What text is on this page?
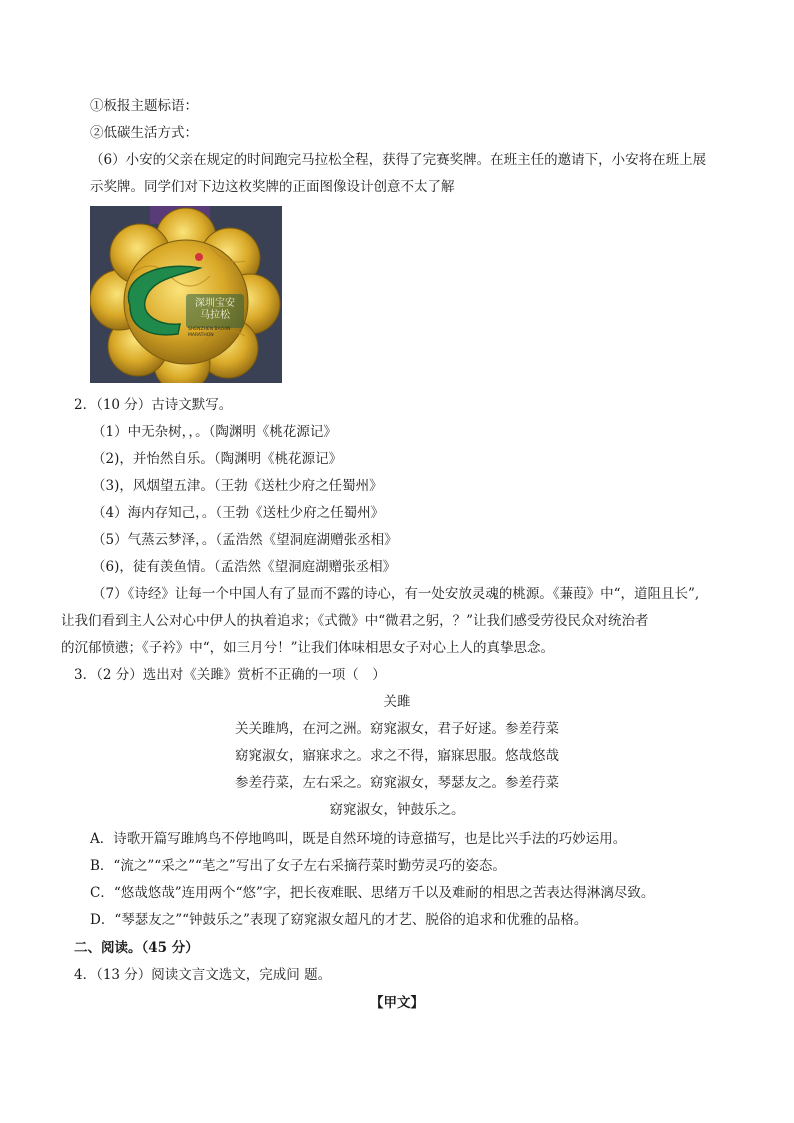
①板报主题标语：
②低碳生活方式：
（6）小安的父亲在规定的时间跑完马拉松全程，获得了完赛奖牌。在班主任的邀请下，小安将在班上展
示奖牌。同学们对下边这枚奖牌的正面图像设计创意不太了解
深圳宝安
马拉松
SHENZHEN BAOAN
MARATHON
2．（10 分）古诗文默写。
（1）中无杂树，，。（陶渊明《桃花源记》
（2)，并怡然自乐。（陶渊明《桃花源记》
（3)，风烟望五津。（王勃《送杜少府之任蜀州》
（4）海内存知己，。（王勃《送杜少府之任蜀州》
（5）气蒸云梦泽，。（孟浩然《望洞庭湖赠张丞相》
（6)，徒有羡鱼情。（孟浩然《望洞庭湖赠张丞相》
（7）《诗经》让每一个中国人有了显而不露的诗心，有一处安放灵魂的桃源。《蒹葭》中“，道阻且长”,
让我们看到主人公对心中伊人的执着追求；《式微》中“微君之躬，？”让我们感受劳役民众对统治者
的沉郁愤懑；《子衿》中“，如三月兮！”让我们体味相思女子对心上人的真挚思念。
3．（2 分）选出对《关雎》赏析不正确的一项（　）
关雎
关关雎鸠，在河之洲。窈窕淑女，君子好逑。参差荇菜
窈窕淑女，寤寐求之。求之不得，寤寐思服。悠哉悠哉
参差荇菜，左右采之。窈窕淑女，琴瑟友之。参差荇菜
窈窕淑女，钟鼓乐之。
A．诗歌开篇写雎鸠鸟不停地鸣叫，既是自然环境的诗意描写，也是比兴手法的巧妙运用。
B．“流之”“采之”“芼之”写出了女子左右采摘荇菜时勤劳灵巧的姿态。
C．“悠哉悠哉”连用两个“悠”字，把长夜难眠、思绪万千以及难耐的相思之苦表达得淋漓尽致。
D．“琴瑟友之”“钟鼓乐之”表现了窈窕淑女超凡的才艺、脱俗的追求和优雅的品格。
二、阅读。（45 分）
4．（13 分）阅读文言文选文，完成问 题。
【甲文】
